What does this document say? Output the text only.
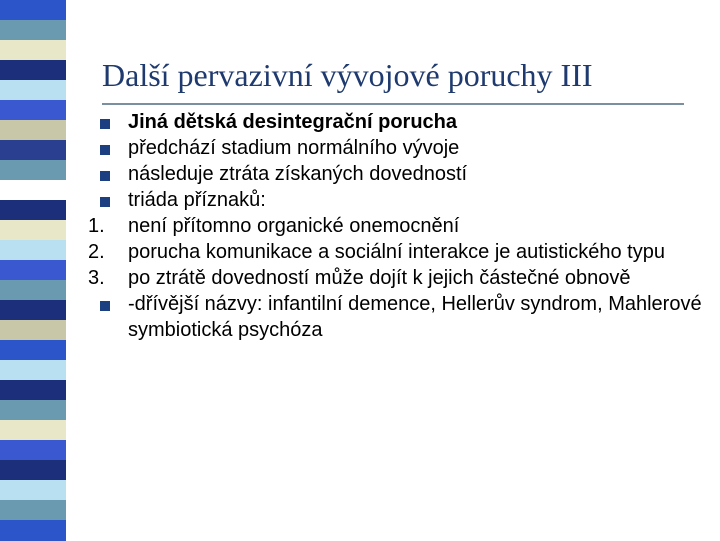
Další pervazivní vývojové poruchy III
Jiná dětská desintegrační porucha
předchází stadium normálního vývoje
následuje ztráta získaných dovedností
triáda příznaků:
1.	není přítomno organické onemocnění
2.	porucha komunikace a sociální interakce je autistického typu
3.	po ztrátě dovedností může dojít k jejich částečné obnově
-dřívější názvy: infantilní demence, Hellerův syndrom, Mahlerové symbiotická psychóza
